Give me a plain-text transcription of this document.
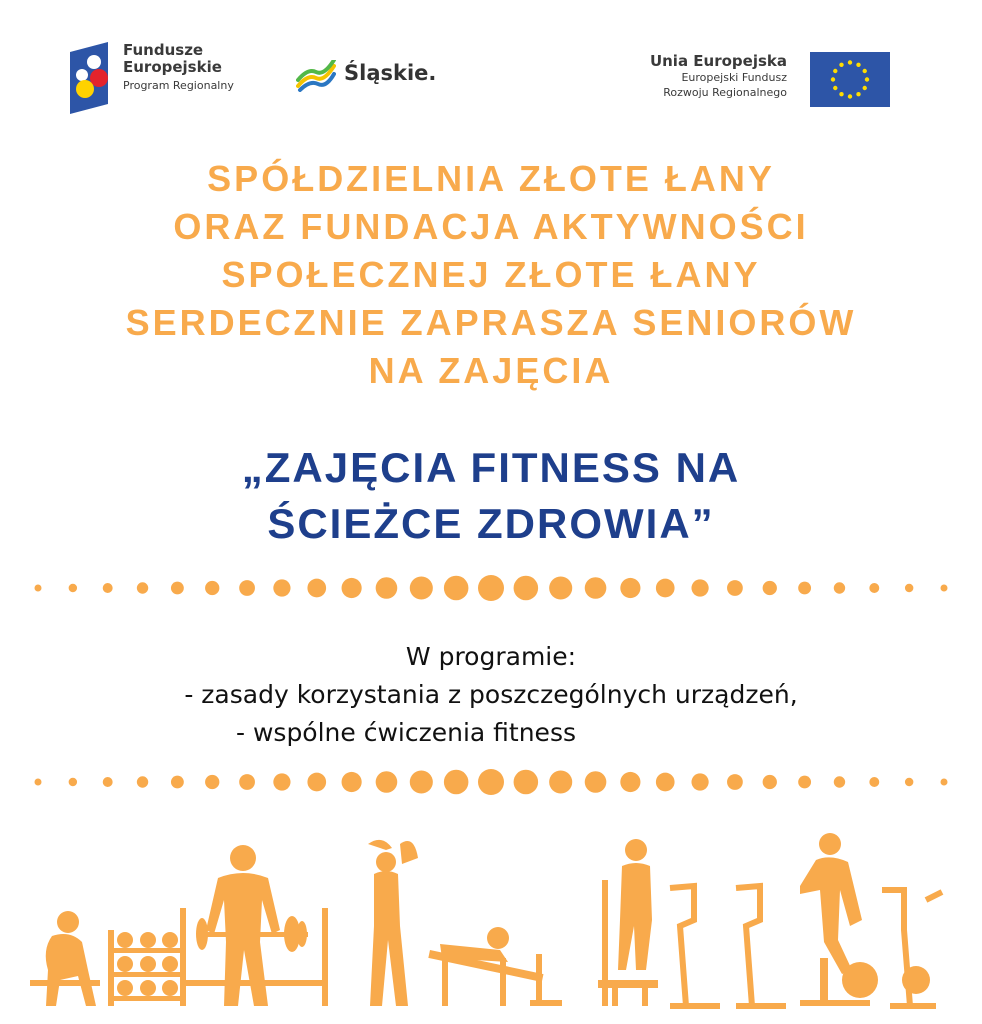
Fundusze
Europejskie
Program Regionalny
Śląskie.	Unia Europejska
Europejski Fundusz
Rozwoju Regionalnego
SPÓŁDZIELNIA ZŁOTE ŁANY
ORAZ FUNDACJA AKTYWNOŚCI
SPOŁECZNEJ ZŁOTE ŁANY
SERDECZNIE ZAPRASZA SENIORÓW
NA ZAJĘCIA
„ZAJĘCIA FITNESS NA
ŚCIEŻCE ZDROWIA”
W programie:
- zasady korzystania z poszczególnych urządzeń,
- wspólne ćwiczenia fitness
